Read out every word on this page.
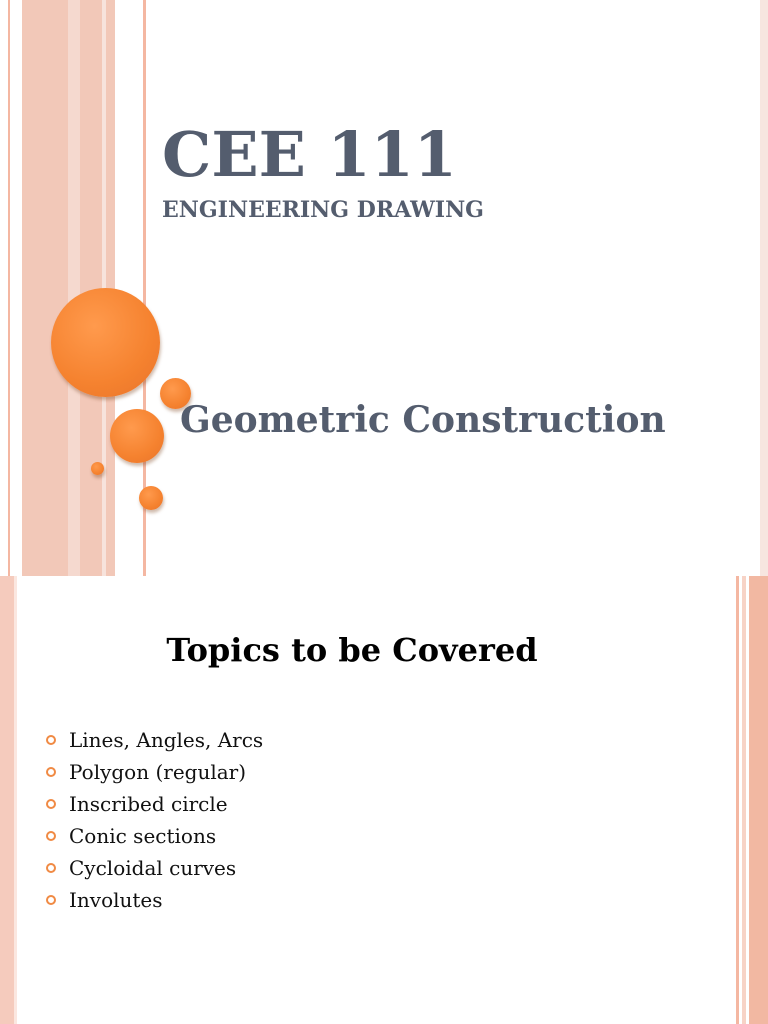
CEE 111
ENGINEERING DRAWING
Geometric Construction
Topics to be Covered
Lines, Angles, Arcs
Polygon (regular)
Inscribed circle
Conic sections
Cycloidal curves
Involutes
